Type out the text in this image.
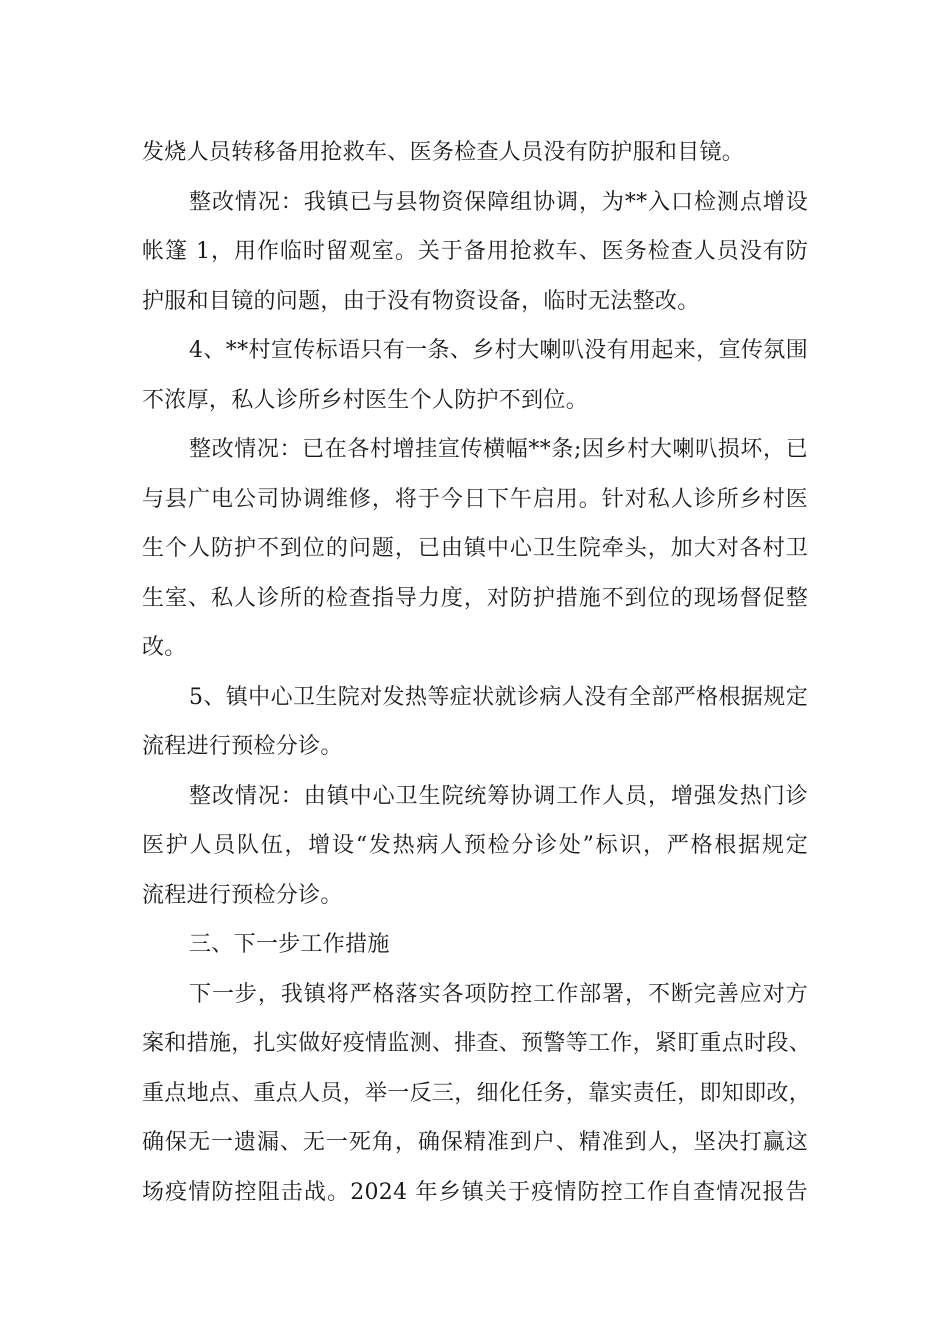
发烧人员转移备用抢救车、医务检查人员没有防护服和目镜。
整改情况：我镇已与县物资保障组协调，为**入口检测点增设
帐篷 1，用作临时留观室。关于备用抢救车、医务检查人员没有防
护服和目镜的问题，由于没有物资设备，临时无法整改。
4、**村宣传标语只有一条、乡村大喇叭没有用起来，宣传氛围
不浓厚，私人诊所乡村医生个人防护不到位。
整改情况：已在各村增挂宣传横幅**条;因乡村大喇叭损坏，已
与县广电公司协调维修，将于今日下午启用。针对私人诊所乡村医
生个人防护不到位的问题，已由镇中心卫生院牵头，加大对各村卫
生室、私人诊所的检查指导力度，对防护措施不到位的现场督促整
改。
5、镇中心卫生院对发热等症状就诊病人没有全部严格根据规定
流程进行预检分诊。
整改情况：由镇中心卫生院统筹协调工作人员，增强发热门诊
医护人员队伍，增设“发热病人预检分诊处”标识，严格根据规定
流程进行预检分诊。
三、下一步工作措施
下一步，我镇将严格落实各项防控工作部署，不断完善应对方
案和措施，扎实做好疫情监测、排查、预警等工作，紧盯重点时段、
重点地点、重点人员，举一反三，细化任务，靠实责任，即知即改，
确保无一遗漏、无一死角，确保精准到户、精准到人，坚决打赢这
场疫情防控阻击战。2024 年乡镇关于疫情防控工作自查情况报告
